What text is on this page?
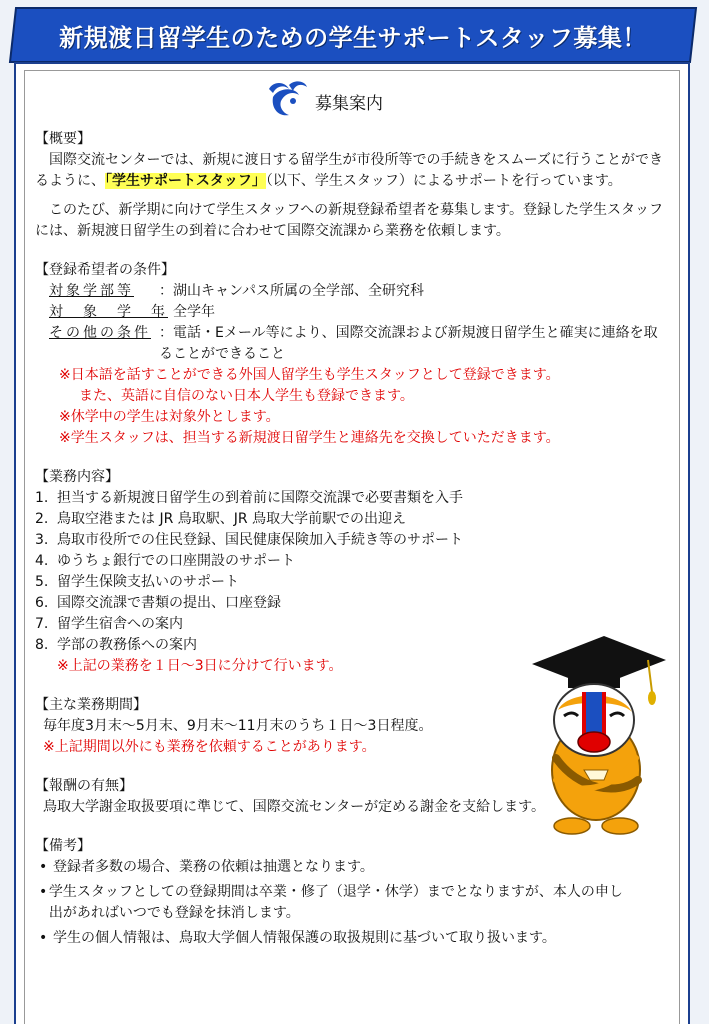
新規渡日留学生のための学生サポートスタッフ募集！
募集案内

【概要】

国際交流センターでは、新規に渡日する留学生が市役所等での手続きをスムーズに行うことができるように、「学生サポートスタッフ」（以下、学生スタッフ）によるサポートを行っています。

このたび、新学期に向けて学生スタッフへの新規登録希望者を募集します。登録した学生スタッフには、新規渡日留学生の到着に合わせて国際交流課から業務を依頼します。

【登録希望者の条件】

対象学部等	：湖山キャンパス所属の全学部、全研究科
対　象　学　年
：全学年
その他の条件 ：電話・Eメール等により、国際交流課および新規渡日留学生と確実に連絡を取ることができること

※日本語を話すことができる外国人留学生も学生スタッフとして登録できます。

また、英語に自信のない日本人学生も登録できます。

※休学中の学生は対象外とします。

※学生スタッフは、担当する新規渡日留学生と連絡先を交換していただきます。

【業務内容】

1. 担当する新規渡日留学生の到着前に国際交流課で必要書類を入手
2. 鳥取空港または JR 鳥取駅、JR 鳥取大学前駅での出迎え
3. 鳥取市役所での住民登録、国民健康保険加入手続き等のサポート
4. ゆうちょ銀行での口座開設のサポート
5. 留学生保険支払いのサポート
6. 国際交流課で書類の提出、口座登録
7. 留学生宿舎への案内
8. 学部の教務係への案内

※上記の業務を１日～3日に分けて行います。

【主な業務期間】

毎年度3月末～5月末、9月末～11月末のうち１日～3日程度。

※上記期間以外にも業務を依頼することがあります。

【報酬の有無】

鳥取大学謝金取扱要項に準じて、国際交流センターが定める謝金を支給します。

【備考】

• 登録者多数の場合、業務の依頼は抽選となります。
• 学生スタッフとしての登録期間は卒業・修了（退学・休学）までとなりますが、本人の申し出があればいつでも登録を抹消します。
• 学生の個人情報は、鳥取大学個人情報保護の取扱規則に基づいて取り扱います。
